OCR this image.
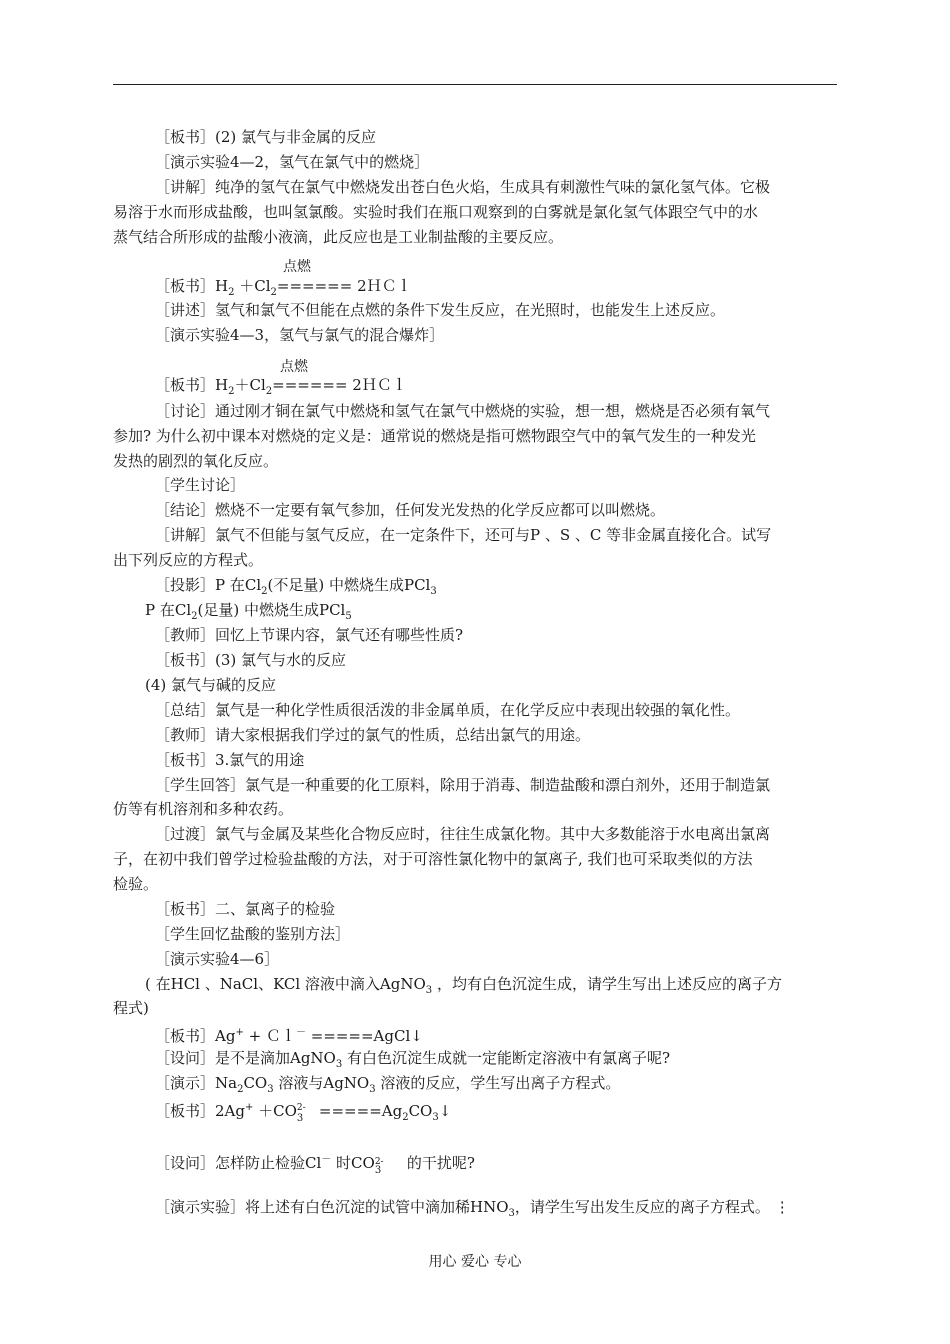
［板书］(2) 氯气与非金属的反应
［演示实验4—2，氢气在氯气中的燃烧］
［讲解］纯净的氢气在氯气中燃烧发出苍白色火焰，生成具有刺激性气味的氯化氢气体。它极
易溶于水而形成盐酸，也叫氢氯酸。实验时我们在瓶口观察到的白雾就是氯化氢气体跟空气中的水
蒸气结合所形成的盐酸小液滴，此反应也是工业制盐酸的主要反应。
点燃
［板书$]H_2 +Cl_2======$ 2ＨＣｌ
［讲述］氢气和氯气不但能在点燃的条件下发生反应，在光照时，也能发生上述反应。
［演示实验4—3，氢气与氯气的混合爆炸］
点燃
［板书$]H_2+Cl_2======$ 2ＨＣｌ
［讨论］通过刚才铜在氯气中燃烧和氢气在氯气中燃烧的实验，想一想，燃烧是否必须有氧气
参加? 为什么初中课本对燃烧的定义是：通常说的燃烧是指可燃物跟空气中的氧气发生的一种发光
发热的剧烈的氧化反应。
［学生讨论］
［结论］燃烧不一定要有氧气参加，任何发光发热的化学反应都可以叫燃烧。
［讲解］氯气不但能与氢气反应，在一定条件下，还可与P 、S 、C 等非金属直接化合。试写
出下列反应的方程式。
［投影］P 在$Cl_2$(不足量) 中燃烧生成PCl$_3$
P 在$Cl_2$(足量) 中燃烧生成PCl$_5$
［教师］回忆上节课内容，氯气还有哪些性质?
［板书］(3) 氯气与水的反应
(4) 氯气与碱的反应
［总结］氯气是一种化学性质很活泼的非金属单质，在化学反应中表现出较强的氧化性。
［教师］请大家根据我们学过的氯气的性质，总结出氯气的用途。
［板书］3.氯气的用途
［学生回答］氯气是一种重要的化工原料，除用于消毒、制造盐酸和漂白剂外，还用于制造氯
仿等有机溶剂和多种农药。
［过渡］氯气与金属及某些化合物反应时，往往生成氯化物。其中大多数能溶于水电离出氯离
子，在初中我们曾学过检验盐酸的方法，对于可溶性氯化物中的氯离子, 我们也可采取类似的方法
检验。
［板书］二、氯离子的检验
［学生回忆盐酸的鉴别方法］
［演示实验4—6］
( 在HCl 、NaCl、KCl 溶液中滴入AgNO$_3$ ，均有白色沉淀生成，请学生写出上述反应的离子方
程式)
［板书］Ag+ + Ｃｌ－ =====AgCl↓
［设问］是不是滴加AgNO$_3$ 有白色沉淀生成就一定能断定溶液中有氯离子呢?
［演示$]Na_2CO_3$ 溶液与AgNO$_3$ 溶液的反应，学生写出离子方程式。
［板书］2Ag+ ＋CO 2-
$3 =====Ag_2CO_3↓$
［设问］怎样防止检验Cl－ 时CO 2-
3 的干扰呢?
［演示实验］将上述有白色沉淀的试管中滴加稀$HNO_3$，请学生写出发生反应的离子方程式。 ⋮
用心 爱心 专心
